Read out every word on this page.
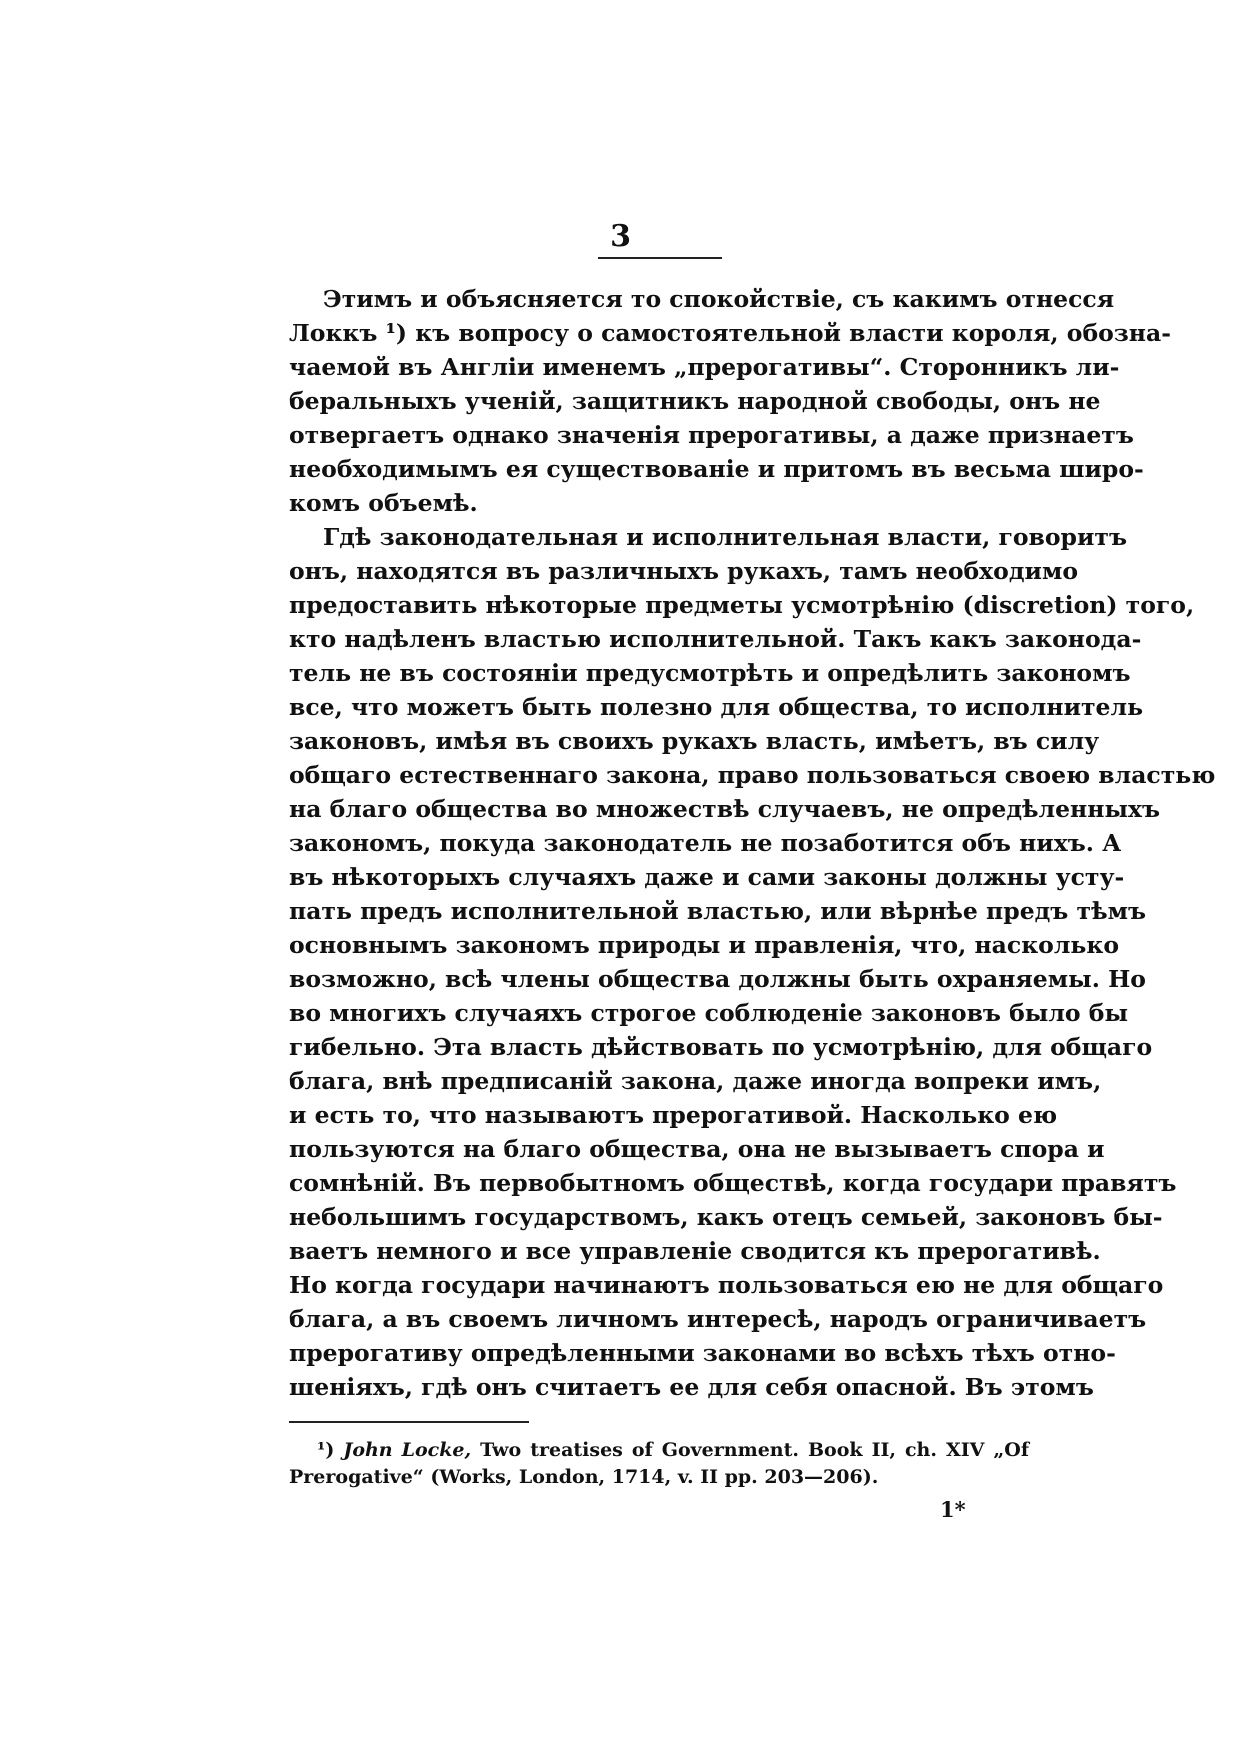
3
Этимъ и объясняется то спокойствіе, съ какимъ отнесся
Локкъ ¹) къ вопросу о самостоятельной власти короля, обозна-
чаемой въ Англіи именемъ „прерогативы“. Сторонникъ ли-
беральныхъ ученій, защитникъ народной свободы, онъ не
отвергаетъ однако значенія прерогативы, а даже признаетъ
необходимымъ ея существованіе и притомъ въ весьма широ-
комъ объемѣ.
Гдѣ законодательная и исполнительная власти, говоритъ
онъ, находятся въ различныхъ рукахъ, тамъ необходимо
предоставить нѣкоторые предметы усмотрѣнію (discretion) того,
кто надѣленъ властью исполнительной. Такъ какъ законода-
тель не въ состояніи предусмотрѣть и опредѣлить закономъ
все, что можетъ быть полезно для общества, то исполнитель
законовъ, имѣя въ своихъ рукахъ власть, имѣетъ, въ силу
общаго естественнаго закона, право пользоваться своею властью
на благо общества во множествѣ случаевъ, не опредѣленныхъ
закономъ, покуда законодатель не позаботится объ нихъ. А
въ нѣкоторыхъ случаяхъ даже и сами законы должны усту-
пать предъ исполнительной властью, или вѣрнѣе предъ тѣмъ
основнымъ закономъ природы и правленія, что, насколько
возможно, всѣ члены общества должны быть охраняемы. Но
во многихъ случаяхъ строгое соблюденіе законовъ было бы
гибельно. Эта власть дѣйствовать по усмотрѣнію, для общаго
блага, внѣ предписаній закона, даже иногда вопреки имъ,
и есть то, что называютъ прерогативой. Насколько ею
пользуются на благо общества, она не вызываетъ спора и
сомнѣній. Въ первобытномъ обществѣ, когда государи правятъ
небольшимъ государствомъ, какъ отецъ семьей, законовъ бы-
ваетъ немного и все управленіе сводится къ прерогативѣ.
Но когда государи начинаютъ пользоваться ею не для общаго
блага, а въ своемъ личномъ интересѣ, народъ ограничиваетъ
прерогативу опредѣленными законами во всѣхъ тѣхъ отно-
шеніяхъ, гдѣ онъ считаетъ ее для себя опасной. Въ этомъ
¹) John Locke, Two treatises of Government. Book II, ch. XIV „Of
Prerogative“ (Works, London, 1714, v. II pp. 203—206).
1*
